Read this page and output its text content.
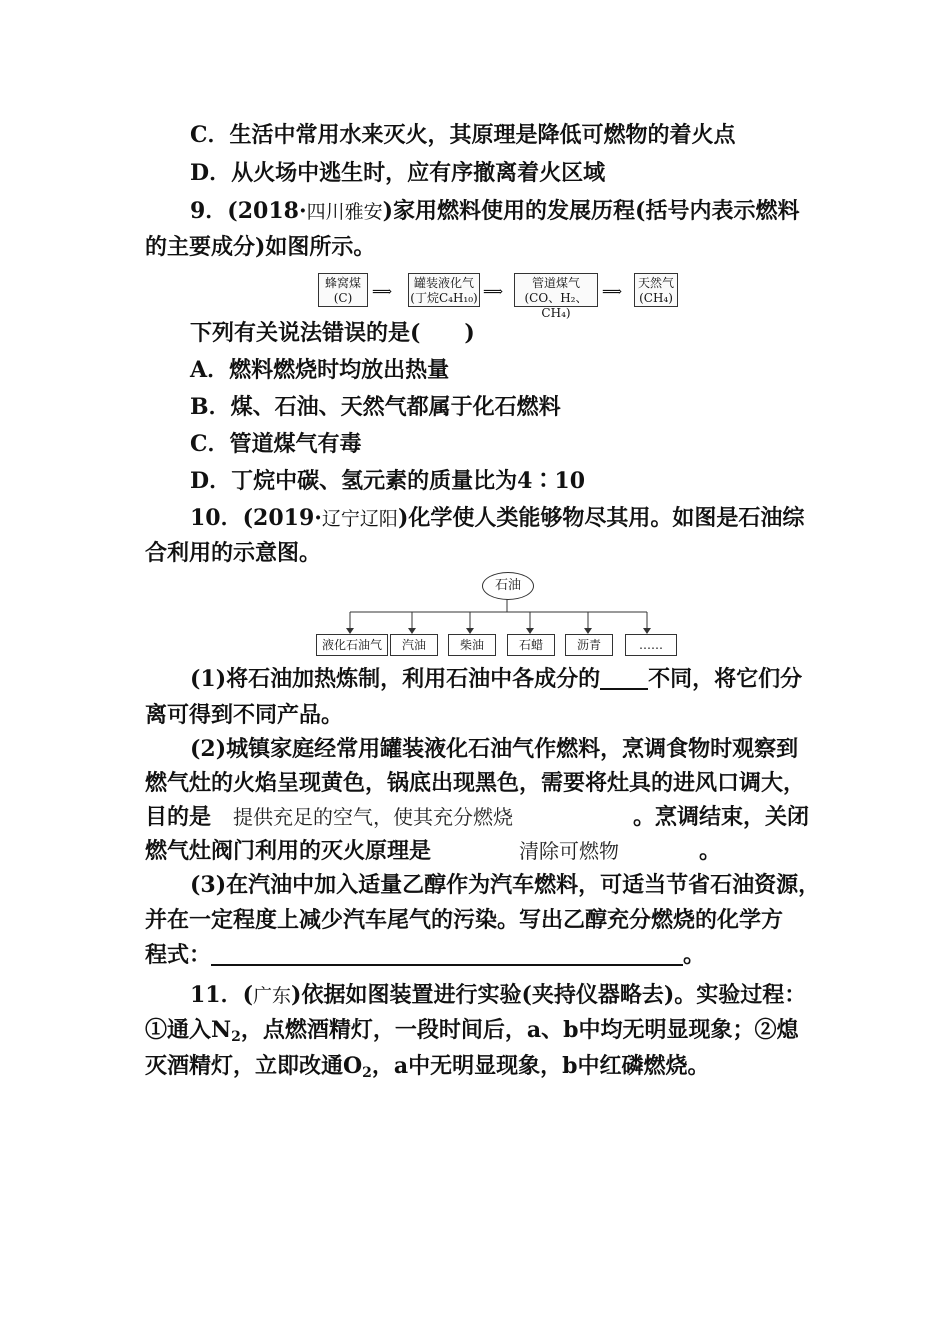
C．生活中常用水来灭火，其原理是降低可燃物的着火点
D．从火场中逃生时，应有序撤离着火区域
9．(2018·四川雅安)家用燃料使用的发展历程(括号内表示燃料
的主要成分)如图所示。
蜂窝煤
(C)	⟹
罐装液化气
(丁烷C₄H₁₀) ⟹
管道煤气
(CO、H₂、CH₄)
⟹
天然气
(CH₄)
下列有关说法错误的是(　　)
A．燃料燃烧时均放出热量
B．煤、石油、天然气都属于化石燃料
C．管道煤气有毒
D．丁烷中碳、氢元素的质量比为4∶10
10．(2019·辽宁辽阳)化学使人类能够物尽其用。如图是石油综
合利用的示意图。
石油
液化石油气	汽油	柴油	石蜡	沥青	……
(1)将石油加热炼制，利用石油中各成分的 不同，将它们分
离可得到不同产品。
(2)城镇家庭经常用罐装液化石油气作燃料，烹调食物时观察到
燃气灶的火焰呈现黄色，锅底出现黑色，需要将灶具的进风口调大，
目的是 提供充足的空气，使其充分燃烧	。烹调结束，关闭
燃气灶阀门利用的灭火原理是	清除可燃物	。
(3)在汽油中加入适量乙醇作为汽车燃料，可适当节省石油资源，
并在一定程度上减少汽车尾气的污染。写出乙醇充分燃烧的化学方
程式：	。
11．(广东)依据如图装置进行实验(夹持仪器略去)。实验过程：
①通入$N_2$，点燃酒精灯，一段时间后，a、b中均无明显现象；②熄
灭酒精灯，立即改通$O_2$，a中无明显现象，b中红磷燃烧。
